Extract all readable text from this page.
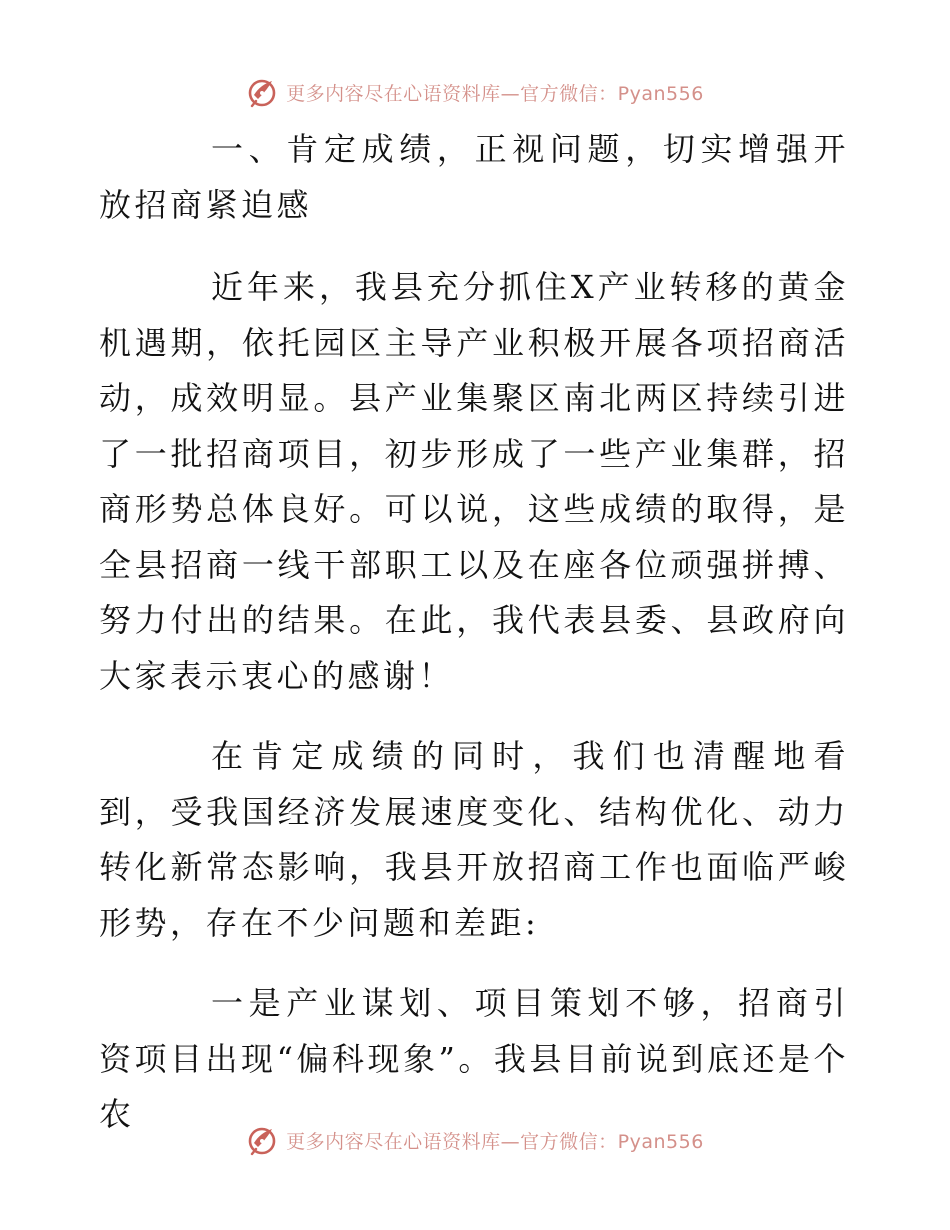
更多内容尽在心语资料库—官方微信：Pyan556

一、肯定成绩，正视问题，切实增强开放招商紧迫感

近年来，我县充分抓住X产业转移的黄金机遇期，依托园区主导产业积极开展各项招商活动，成效明显。县产业集聚区南北两区持续引进了一批招商项目，初步形成了一些产业集群，招商形势总体良好。可以说，这些成绩的取得，是全县招商一线干部职工以及在座各位顽强拼搏、努力付出的结果。在此，我代表县委、县政府向大家表示衷心的感谢！

在肯定成绩的同时，我们也清醒地看到，受我国经济发展速度变化、结构优化、动力转化新常态影响，我县开放招商工作也面临严峻形势，存在不少问题和差距:

一是产业谋划、项目策划不够，招商引资项目出现“偏科现象”。我县目前说到底还是个农

更多内容尽在心语资料库—官方微信：Pyan556
